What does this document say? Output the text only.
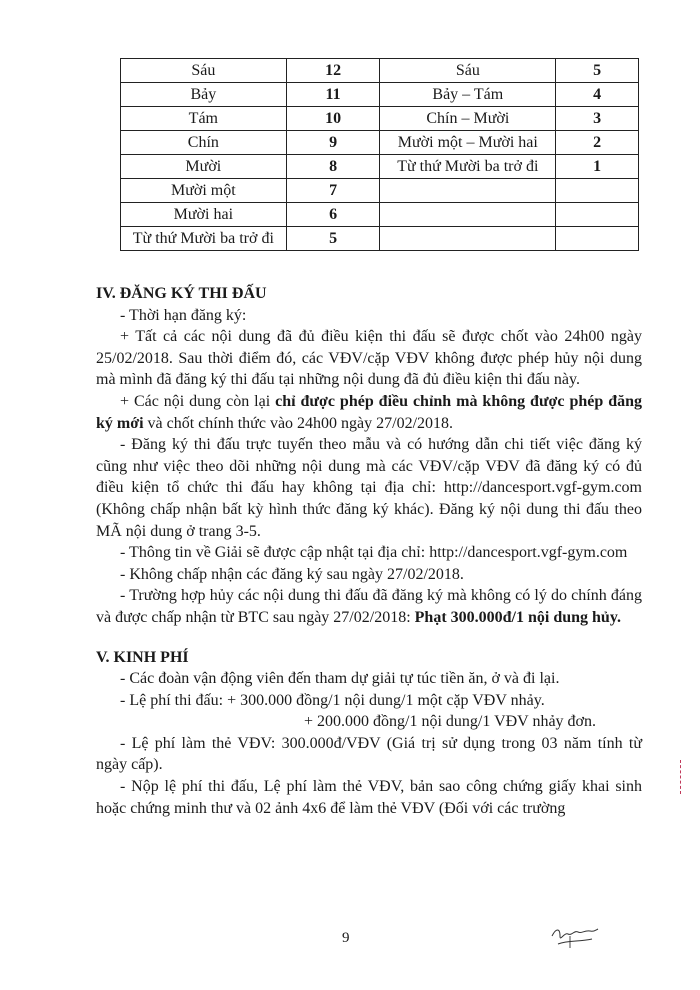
Sáu	12	Sáu	5
Bảy	11	Bảy – Tám	4
Tám	10	Chín – Mười	3
Chín	9	Mười một – Mười hai	2
Mười	8	Từ thứ Mười ba trở đi	1
Mười một	7		
Mười hai	6		
Từ thứ Mười ba trở đi	5		

IV. ĐĂNG KÝ THI ĐẤU

- Thời hạn đăng ký:

+ Tất cả các nội dung đã đủ điều kiện thi đấu sẽ được chốt vào 24h00 ngày 25/02/2018. Sau thời điểm đó, các VĐV/cặp VĐV không được phép hủy nội dung mà mình đã đăng ký thi đấu tại những nội dung đã đủ điều kiện thi đấu này.

+ Các nội dung còn lại chỉ được phép điều chỉnh mà không được phép đăng ký mới và chốt chính thức vào 24h00 ngày 27/02/2018.

- Đăng ký thi đấu trực tuyến theo mẫu và có hướng dẫn chi tiết việc đăng ký cũng như việc theo dõi những nội dung mà các VĐV/cặp VĐV đã đăng ký có đủ điều kiện tổ chức thi đấu hay không tại địa chỉ: http://dancesport.vgf-gym.com (Không chấp nhận bất kỳ hình thức đăng ký khác). Đăng ký nội dung thi đấu theo MÃ nội dung ở trang 3-5.

- Thông tin về Giải sẽ được cập nhật tại địa chỉ: http://dancesport.vgf-gym.com

- Không chấp nhận các đăng ký sau ngày 27/02/2018.

- Trường hợp hủy các nội dung thi đấu đã đăng ký mà không có lý do chính đáng và được chấp nhận từ BTC sau ngày 27/02/2018: Phạt 300.000đ/1 nội dung hủy.

V. KINH PHÍ

- Các đoàn vận động viên đến tham dự giải tự túc tiền ăn, ở và đi lại.

- Lệ phí thi đấu: + 300.000 đồng/1 nội dung/1 một cặp VĐV nhảy.

+ 200.000 đồng/1 nội dung/1 VĐV nhảy đơn.

- Lệ phí làm thẻ VĐV: 300.000đ/VĐV (Giá trị sử dụng trong 03 năm tính từ ngày cấp).

- Nộp lệ phí thi đấu, Lệ phí làm thẻ VĐV, bản sao công chứng giấy khai sinh hoặc chứng minh thư và 02 ảnh 4x6 để làm thẻ VĐV (Đối với các trường

9
